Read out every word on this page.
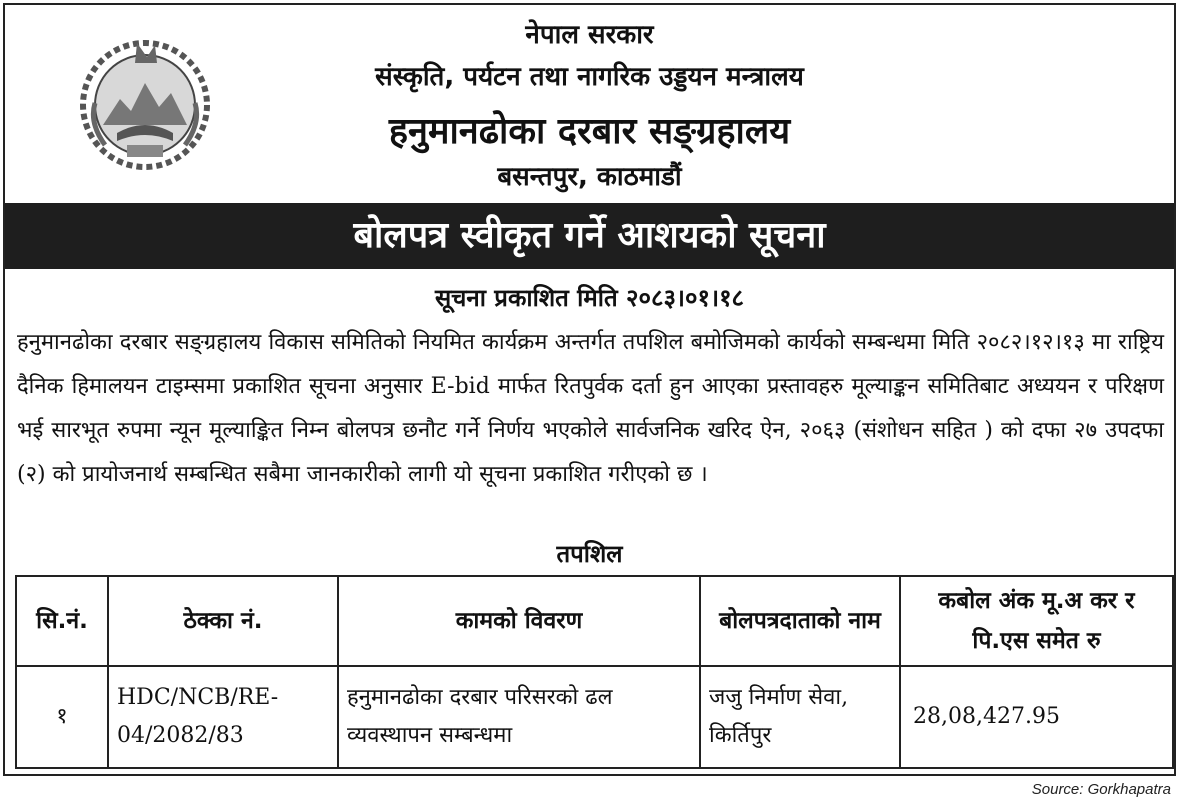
नेपाल सरकार
संस्कृति, पर्यटन तथा नागरिक उड्डयन मन्त्रालय
हनुमानढोका दरबार सङ्ग्रहालय
बसन्तपुर, काठमाडौं
बोलपत्र स्वीकृत गर्ने आशयको सूचना
सूचना प्रकाशित मिति २०८३।०१।१८

हनुमानढोका दरबार सङ्ग्रहालय विकास समितिको नियमित कार्यक्रम अन्तर्गत तपशिल बमोजिमको कार्यको सम्बन्धमा मिति २०८२।१२।१३ मा राष्ट्रिय दैनिक हिमालयन टाइम्समा प्रकाशित सूचना अनुसार E-bid मार्फत रितपुर्वक दर्ता हुन आएका प्रस्तावहरु मूल्याङ्कन समितिबाट अध्ययन र परिक्षण भई सारभूत रुपमा न्यून मूल्याङ्कित निम्न बोलपत्र छनौट गर्ने निर्णय भएकोले सार्वजनिक खरिद ऐन, २०६३ (संशोधन सहित ) को दफा २७ उपदफा (२) को प्रायोजनार्थ सम्बन्धित सबैमा जानकारीको लागी यो सूचना प्रकाशित गरीएको छ ।

तपशिल
सि.नं.	ठेक्का नं.	कामको विवरण	बोलपत्रदाताको नाम	कबोल अंक मू.अ कर र पि.एस समेत रु
१	HDC/NCB/RE-04/2082/83	हनुमानढोका दरबार परिसरको ढल व्यवस्थापन सम्बन्धमा	जजु निर्माण सेवा, किर्तिपुर	28,08,427.95
Source: Gorkhapatra
